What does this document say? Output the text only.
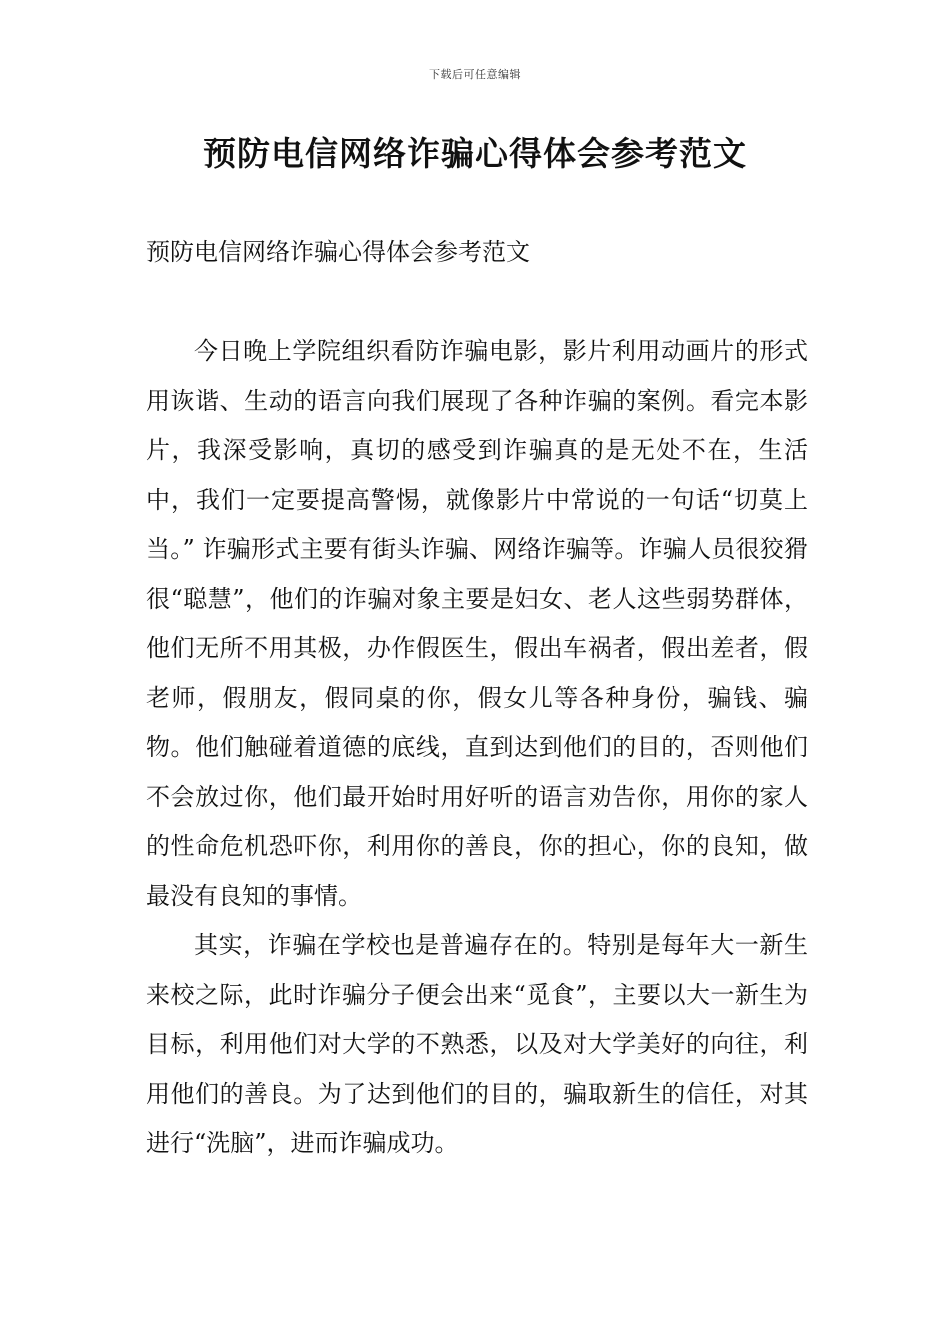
下载后可任意编辑
预防电信网络诈骗心得体会参考范文

预防电信网络诈骗心得体会参考范文

今日晚上学院组织看防诈骗电影，影片利用动画片的形式用诙谐、生动的语言向我们展现了各种诈骗的案例。看完本影片，我深受影响，真切的感受到诈骗真的是无处不在，生活中，我们一定要提高警惕，就像影片中常说的一句话“切莫上当。” 诈骗形式主要有街头诈骗、网络诈骗等。诈骗人员很狡猾很“聪慧”，他们的诈骗对象主要是妇女、老人这些弱势群体，他们无所不用其极，办作假医生，假出车祸者，假出差者，假老师，假朋友，假同桌的你，假女儿等各种身份，骗钱、骗物。他们触碰着道德的底线，直到达到他们的目的，否则他们不会放过你，他们最开始时用好听的语言劝告你，用你的家人的性命危机恐吓你，利用你的善良，你的担心，你的良知，做最没有良知的事情。

其实，诈骗在学校也是普遍存在的。特别是每年大一新生来校之际，此时诈骗分子便会出来“觅食”，主要以大一新生为目标，利用他们对大学的不熟悉，以及对大学美好的向往，利用他们的善良。为了达到他们的目的，骗取新生的信任，对其进行“洗脑”，进而诈骗成功。
